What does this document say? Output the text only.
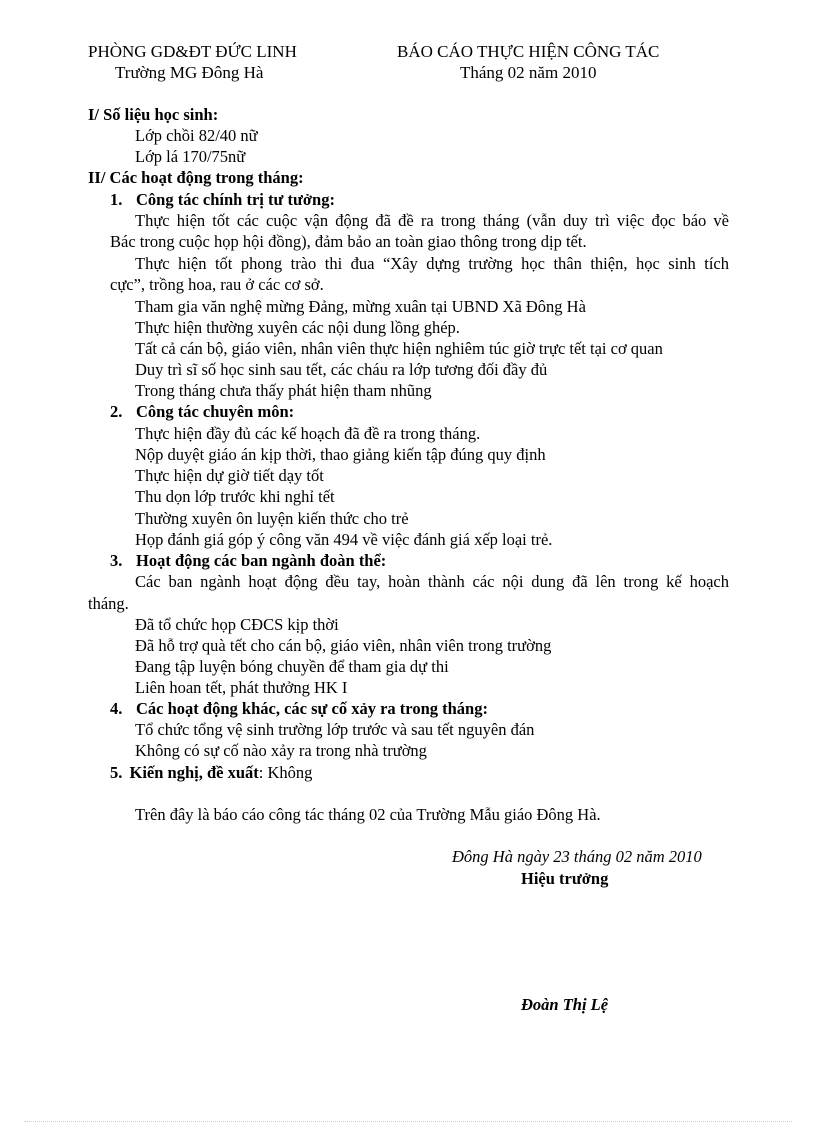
PHÒNG GD&ĐT ĐỨC LINH
Trường MG Đông Hà
BÁO CÁO THỰC HIỆN CÔNG TÁC
Tháng 02 năm 2010
I/ Số liệu học sinh:
Lớp chồi 82/40 nữ
Lớp lá 170/75nữ
II/ Các hoạt động trong tháng:
1. Công tác chính trị tư tưởng:
Thực hiện tốt các cuộc vận động đã đề ra trong tháng (vẫn duy trì việc đọc báo về
Bác trong cuộc họp hội đồng), đảm bảo an toàn giao thông trong dịp tết.
Thực hiện tốt phong trào thi đua “Xây dựng trường học thân thiện, học sinh tích
cực”, trồng hoa, rau ở các cơ sở.
Tham gia văn nghệ mừng Đảng, mừng xuân tại UBND Xã Đông Hà
Thực hiện thường xuyên các nội dung lồng ghép.
Tất cả cán bộ, giáo viên, nhân viên thực hiện nghiêm túc giờ trực tết tại cơ quan
Duy trì sĩ số học sinh sau tết, các cháu ra lớp tương đối đầy đủ
Trong tháng chưa thấy phát hiện tham nhũng
2. Công tác chuyên môn:
Thực hiện đầy đủ các kế hoạch đã đề ra trong tháng.
Nộp duyệt giáo án kịp thời, thao giảng kiến tập đúng quy định
Thực hiện dự giờ tiết dạy tốt
Thu dọn lớp trước khi nghỉ tết
Thường xuyên ôn luyện kiến thức cho trẻ
Họp đánh giá góp ý công văn 494 về việc đánh giá xếp loại trẻ.
3. Hoạt động các ban ngành đoàn thể:
Các ban ngành hoạt động đều tay, hoàn thành các nội dung đã lên trong kế hoạch
tháng.
Đã tổ chức họp CĐCS kịp thời
Đã hỗ trợ quà tết cho cán bộ, giáo viên, nhân viên trong trường
Đang tập luyện bóng chuyền để tham gia dự thi
Liên hoan tết, phát thưởng HK I
4. Các hoạt động khác, các sự cố xảy ra trong tháng:
Tổ chức tổng vệ sinh trường lớp trước và sau tết nguyên đán
Không có sự cố nào xảy ra trong nhà trường
5. Kiến nghị, đề xuất: Không
Trên đây là báo cáo công tác tháng 02 của Trường Mẫu giáo Đông Hà.
Đông Hà ngày 23 tháng 02 năm 2010
Hiệu trưởng
Đoàn Thị Lệ
